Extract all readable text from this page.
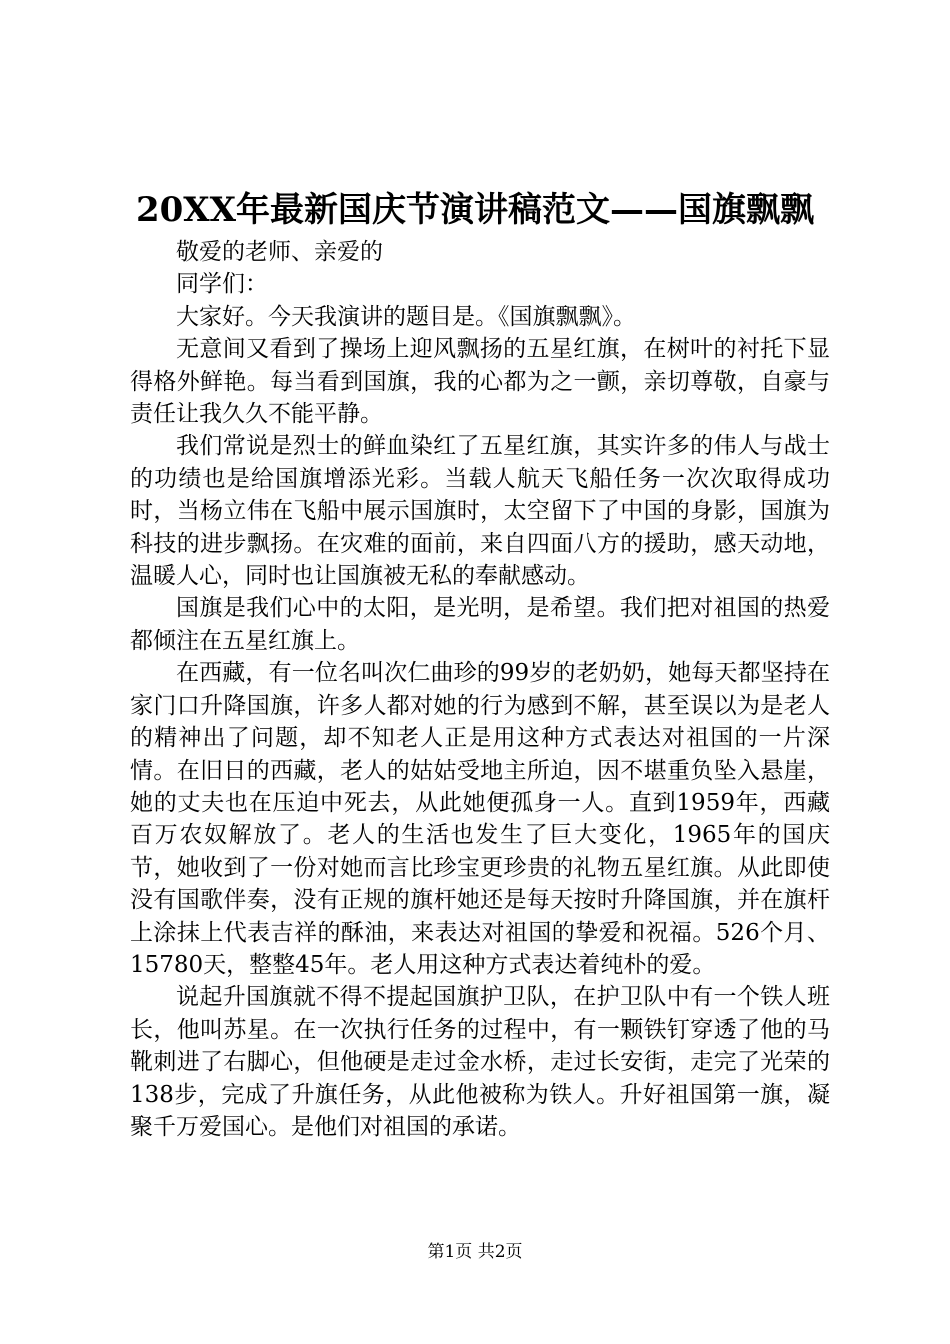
20XX年最新国庆节演讲稿范文——国旗飘飘

敬爱的老师、亲爱的

同学们：

大家好。今天我演讲的题目是。《国旗飘飘》。

无意间又看到了操场上迎风飘扬的五星红旗，在树叶的衬托下显得格外鲜艳。每当看到国旗，我的心都为之一颤，亲切尊敬，自豪与责任让我久久不能平静。

我们常说是烈士的鲜血染红了五星红旗，其实许多的伟人与战士的功绩也是给国旗增添光彩。当载人航天飞船任务一次次取得成功时，当杨立伟在飞船中展示国旗时，太空留下了中国的身影，国旗为科技的进步飘扬。在灾难的面前，来自四面八方的援助，感天动地，温暖人心，同时也让国旗被无私的奉献感动。

国旗是我们心中的太阳，是光明，是希望。我们把对祖国的热爱都倾注在五星红旗上。

在西藏，有一位名叫次仁曲珍的99岁的老奶奶，她每天都坚持在家门口升降国旗，许多人都对她的行为感到不解，甚至误以为是老人的精神出了问题，却不知老人正是用这种方式表达对祖国的一片深情。在旧日的西藏，老人的姑姑受地主所迫，因不堪重负坠入悬崖，她的丈夫也在压迫中死去，从此她便孤身一人。直到1959年，西藏百万农奴解放了。老人的生活也发生了巨大变化，1965年的国庆节，她收到了一份对她而言比珍宝更珍贵的礼物五星红旗。从此即使没有国歌伴奏，没有正规的旗杆她还是每天按时升降国旗，并在旗杆上涂抹上代表吉祥的酥油，来表达对祖国的挚爱和祝福。526个月、15780天，整整45年。老人用这种方式表达着纯朴的爱。

说起升国旗就不得不提起国旗护卫队，在护卫队中有一个铁人班长，他叫苏星。在一次执行任务的过程中，有一颗铁钉穿透了他的马靴刺进了右脚心，但他硬是走过金水桥，走过长安街，走完了光荣的138步，完成了升旗任务，从此他被称为铁人。升好祖国第一旗，凝聚千万爱国心。是他们对祖国的承诺。

第1页 共2页
